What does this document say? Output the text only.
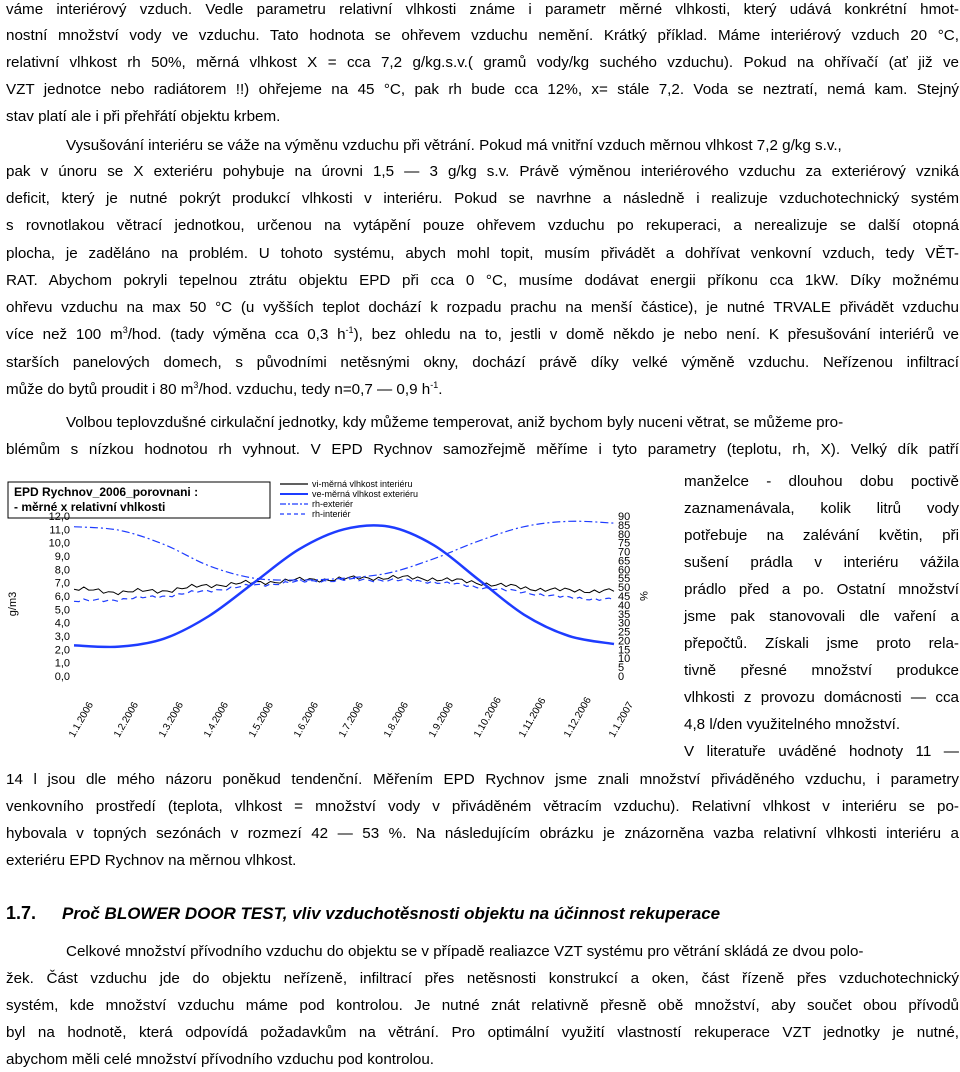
váme interiérový vzduch. Vedle parametru relativní vlhkosti známe i parametr měrné vlhkosti, který udává konkrétní hmot-
nostní množství vody ve vzduchu. Tato hodnota se ohřevem vzduchu nemění. Krátký příklad. Máme interiérový vzduch 20 °C,
relativní vlhkost rh 50%, měrná vlhkost X = cca 7,2 g/kg.s.v.( gramů vody/kg suchého vzduchu). Pokud na ohřívačí (ať již ve
VZT jednotce nebo radiátorem !!) ohřejeme na 45 °C, pak rh bude cca 12%, x= stále 7,2. Voda se neztratí, nemá kam. Stejný
stav platí ale i při přehřátí objektu krbem.
Vysušování interiéru se váže na výměnu vzduchu při větrání. Pokud má vnitřní vzduch měrnou vlhkost 7,2 g/kg s.v.,
pak v únoru se X exteriéru pohybuje na úrovni 1,5 — 3 g/kg s.v. Právě výměnou interiérového vzduchu za exteriérový vzniká
deficit, který je nutné pokrýt produkcí vlhkosti v interiéru. Pokud se navrhne a následně i realizuje vzduchotechnický systém
s rovnotlakou větrací jednotkou, určenou na vytápění pouze ohřevem vzduchu po rekuperaci, a nerealizuje se další otopná
plocha, je zaděláno na problém. U tohoto systému, abych mohl topit, musím přivádět a dohřívat venkovní vzduch, tedy VĚT-
RAT. Abychom pokryli tepelnou ztrátu objektu EPD při cca 0 °C, musíme dodávat energii příkonu cca 1kW. Díky možnému
ohřevu vzduchu na max 50 °C (u vyšších teplot dochází k rozpadu prachu na menší částice), je nutné TRVALE přivádět vzduchu
více než 100 $m^3$/hod. (tady výměna cca 0,3 $h^{-1}$), bez ohledu na to, jestli v domě někdo je nebo není. K přesušování interiérů ve
starších panelových domech, s původními netěsnými okny, dochází právě díky velké výměně vzduchu. Neřízenou infiltrací
může do bytů proudit i 80 $m^3$/hod. vzduchu, tedy n=0,7 — 0,9 $h^{-1}$.
Volbou teplovzdušné cirkulační jednotky, kdy můžeme temperovat, aniž bychom byly nuceni větrat, se můžeme pro-
blémům s nízkou hodnotou rh vyhnout. V EPD Rychnov samozřejmě měříme i tyto parametry (teplotu, rh, X). Velký dík patří
manželce - dlouhou dobu poctivě
zaznamenávala, kolik litrů vody
potřebuje na zalévání květin, při
sušení prádla v interiéru vážila
prádlo před a po. Ostatní množství
jsme pak stanovovali dle vaření a
přepočtů. Získali jsme proto rela-
tivně přesné množství produkce
vlhkosti z provozu domácnosti — cca
4,8 l/den využitelného množství.
V literatuře uváděné hodnoty 11 —
14 l jsou dle mého názoru poněkud tendenční. Měřením EPD Rychnov jsme znali množství přiváděného vzduchu, i parametry
venkovního prostředí (teplota, vlhkost = množství vody v přiváděném větracím vzduchu). Relativní vlhkost v interiéru se po-
hybovala v topných sezónách v rozmezí 42 — 53 %. Na následujícím obrázku je znázorněna vazba relativní vlhkosti interiéru a
exteriéru EPD Rychnov na měrnou vlhkost.
1.7. Proč BLOWER DOOR TEST, vliv vzduchotěsnosti objektu na účinnost rekuperace
Celkové množství přívodního vzduchu do objektu se v případě realiazce VZT systému pro větrání skládá ze dvou polo-
žek. Část vzduchu jde do objektu neřízeně, infiltrací přes netěsnosti konstrukcí a oken, část řízeně přes vzduchotechnický
systém, kde množství vzduchu máme pod kontrolou. Je nutné znát relativně přesně obě množství, aby součet obou přívodů
byl na hodnotě, která odpovídá požadavkům na větrání. Pro optimální využití vlastností rekuperace VZT jednotky je nutné,
abychom měli celé množství přívodního vzduchu pod kontrolou.
EPD Rychnov_2006_porovnani :
- měrné x relativní vhlkosti
0,0
1,0
2,0
3,0
4,0
5,0
6,0
7,0
8,0
9,0
10,0
11,0
12,0
0
5
10
15
20
25
30
35
40
45
50
55
60
65
70
75
80
85
90
g/m3	%
1.1.2006 1.2.2006 1.3.2006 1.4.2006 1.5.2006 1.6.2006 1.7.2006 1.8.2006 1.9.2006 1.10.2006 1.11.2006 1.12.2006 1.1.2007
vi-měrná vlhkost interiéru
ve-měrná vlhkost exteriéru
rh-exteriér
rh-interiér
